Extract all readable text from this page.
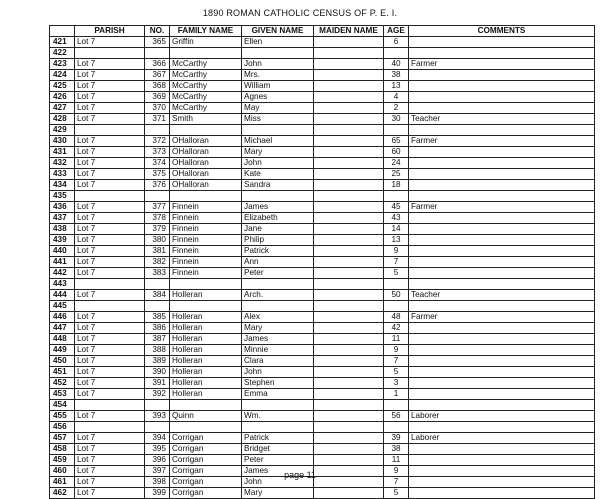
1890 ROMAN CATHOLIC CENSUS OF P. E. I.
	PARISH	NO.	FAMILY NAME	GIVEN NAME	MAIDEN NAME	AGE	COMMENTS
421	Lot 7	365	Griffin	Ellen		6	
422							
423	Lot 7	366	McCarthy	John		40	Farmer
424	Lot 7	367	McCarthy	Mrs.		38	
425	Lot 7	368	McCarthy	William		13	
426	Lot 7	369	McCarthy	Agnes		4	
427	Lot 7	370	McCarthy	May		2	
428	Lot 7	371	Smith	Miss		30	Teacher
429							
430	Lot 7	372	OHalloran	Michael		65	Farmer
431	Lot 7	373	OHalloran	Mary		60	
432	Lot 7	374	OHalloran	John		24	
433	Lot 7	375	OHalloran	Kate		25	
434	Lot 7	376	OHalloran	Sandra		18	
435							
436	Lot 7	377	Finnein	James		45	Farmer
437	Lot 7	378	Finnein	Elizabeth		43	
438	Lot 7	379	Finnein	Jane		14	
439	Lot 7	380	Finnein	Philip		13	
440	Lot 7	381	Finnein	Patrick		9	
441	Lot 7	382	Finnein	Ann		7	
442	Lot 7	383	Finnein	Peter		5	
443							
444	Lot 7	384	Holleran	Arch.		50	Teacher
445							
446	Lot 7	385	Holleran	Alex		48	Farmer
447	Lot 7	386	Holleran	Mary		42	
448	Lot 7	387	Holleran	James		11	
449	Lot 7	388	Holleran	Minnie		9	
450	Lot 7	389	Holleran	Clara		7	
451	Lot 7	390	Holleran	John		5	
452	Lot 7	391	Holleran	Stephen		3	
453	Lot 7	392	Holleran	Emma		1	
454							
455	Lot 7	393	Quinn	Wm.		56	Laborer
456							
457	Lot 7	394	Corrigan	Patrick		39	Laborer
458	Lot 7	395	Corrigan	Bridget		38	
459	Lot 7	396	Corrigan	Peter		11	
460	Lot 7	397	Corrigan	James		9	
461	Lot 7	398	Corrigan	John		7	
462	Lot 7	399	Corrigan	Mary		5	
page 11
